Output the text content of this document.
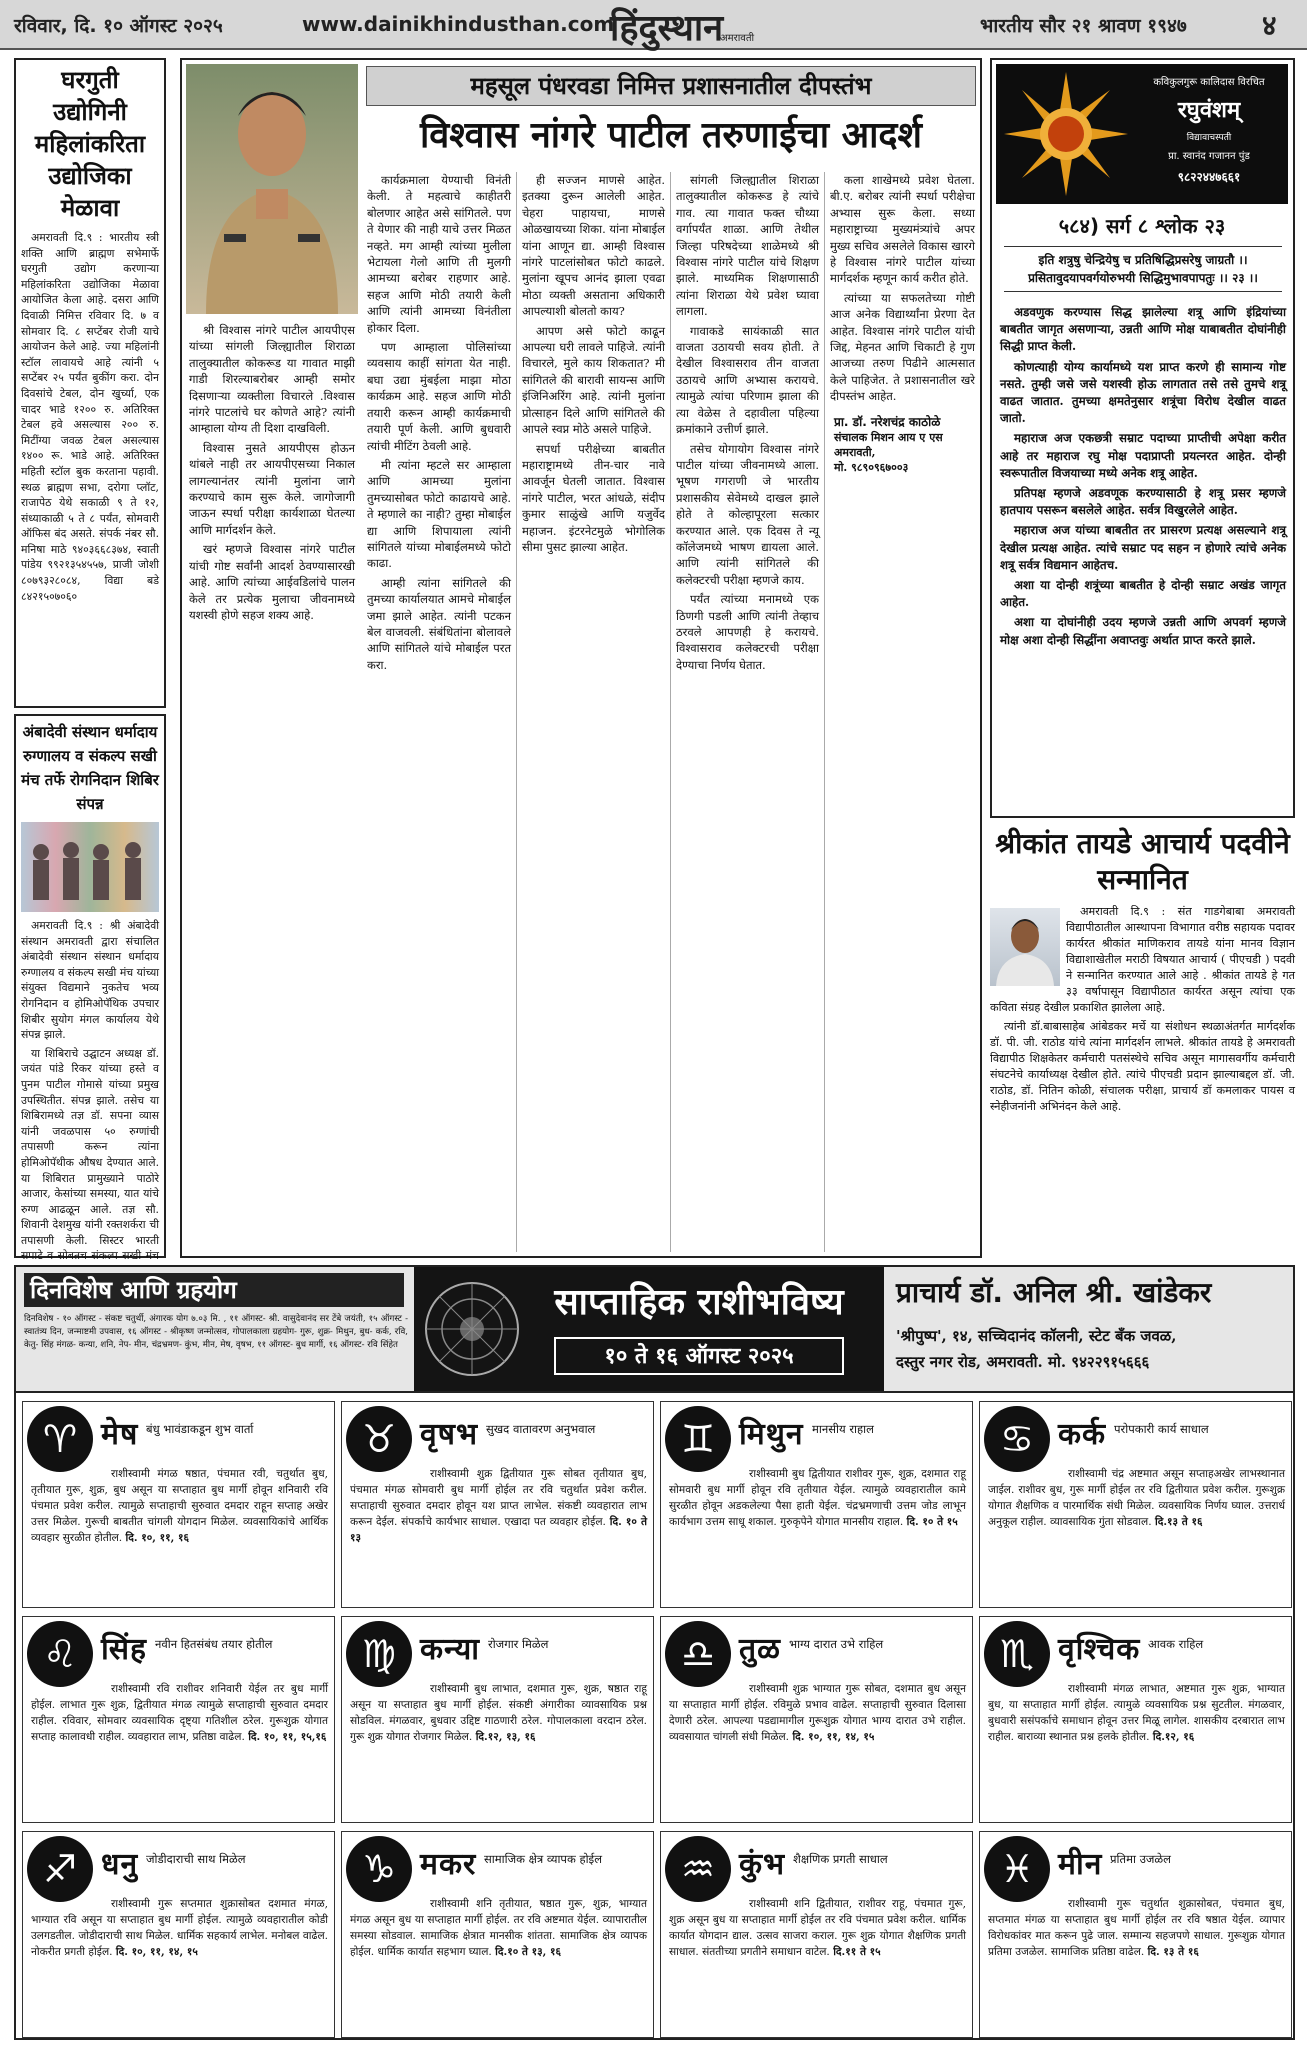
रविवार, दि. १० ऑगस्ट २०२५	www.dainikhindusthan.com
हिंदुस्थान
अमरावती
भारतीय सौर २१ श्रावण १९४७	४
घरगुती उद्योगिनी महिलांकरिता उद्योजिका मेळावा

अमरावती दि.९ : भारतीय स्त्री शक्ति आणि ब्राह्मण सभेमार्फे घरगुती उद्योग करणाऱ्या महिलांकरिता उद्योजिका मेळावा आयोजित केला आहे. दसरा आणि दिवाळी निमित्त रविवार दि. ७ व सोमवार दि. ८ सप्टेंबर रोजी याचे आयोजन केले आहे. ज्या महिलांनी स्टॉल लावायचे आहे त्यांनी ५ सप्टेंबर २५ पर्यंत बुकींग करा. दोन दिवसांचे टेबल, दोन खुर्च्या, एक चादर भाडे १२०० रु. अतिरिक्त टेबल हवे असल्यास २०० रु. मिटींग्या जवळ टेबल असल्यास १४०० रू. भाडे आहे. अतिरिक्त महिती स्टॉल बुक करताना पहावी. स्थळ ब्राह्मण सभा, दरोगा प्लॉट, राजापेठ येथे सकाळी ९ ते १२, संध्याकाळी ५ ते ८ पर्यंत, सोमवारी ऑफिस बंद असते. संपर्क नंबर सौ. मनिषा माठे ९४०३६६८३७४, स्वाती पांडेय ९९२१३५४५५७, प्राजी जोशी ८०७९३२८०८४, विद्या बडे ८४२१५०७०६०

अंबादेवी संस्थान धर्मादाय रुग्णालय व संकल्प सखी मंच तर्फे रोगनिदान शिबिर संपन्न

अमरावती दि.९ : श्री अंबादेवी संस्थान अमरावती द्वारा संचालित अंबादेवी संस्थान संस्थान धर्मादाय रुग्णालय व संकल्प सखी मंच यांच्या संयुक्त विद्यमाने नुकतेच भव्य रोगनिदान व होमिओपॅथिक उपचार शिबीर सुयोग मंगल कार्यालय येथे संपन्न झाले.

या शिबिराचे उद्घाटन अध्यक्ष डॉ. जयंत पांडे रिकर यांच्या हस्ते व पुनम पाटील गोमासे यांच्या प्रमुख उपस्थितीत. संपन्न झाले. तसेच या शिबिरामध्ये तज्ञ डॉ. सपना व्यास यांनी जवळपास ५० रुग्णांची तपासणी करून त्यांना होमिओपॅथीक औषध देण्यात आले. या शिबिरात प्रामुख्याने पाठोरे आजार, केसांच्या समस्या, यात यांचे रुग्ण आढळून आले. तज्ञ सौ. शिवानी देशमुख यांनी रक्तशर्करा ची तपासणी केली. सिस्टर भारती सपाटे व सोबतच संकल्प सखी मंच

महसूल पंधरवडा निमित्त प्रशासनातील दीपस्तंभ
विश्वास नांगरे पाटील तरुणाईचा आदर्श

श्री विश्वास नांगरे पाटील आयपीएस यांच्या सांगली जिल्ह्यातील शिराळा तालुक्यातील कोकरूड या गावात माझी गाडी शिरल्याबरोबर आम्ही समोर दिसणाऱ्या व्यक्तीला विचारले .विश्वास नांगरे पाटलांचे घर कोणते आहे? त्यांनी आम्हाला योग्य ती दिशा दाखविली.

विश्वास नुसते आयपीएस होऊन थांबले नाही तर आयपीएसच्या निकाल लागल्यानंतर त्यांनी मुलांना जागे करण्याचे काम सुरू केले. जागोजागी जाऊन स्पर्धा परीक्षा कार्यशाळा घेतल्या आणि मार्गदर्शन केले.

खरं म्हणजे विश्वास नांगरे पाटील यांची गोष्ट सर्वांनी आदर्श ठेवण्यासारखी आहे. आणि त्यांच्या आईवडिलांचे पालन केले तर प्रत्येक मुलाचा जीवनामध्ये यशस्वी होणे सहज शक्य आहे.

कार्यक्रमाला येण्याची विनंती केली. ते महत्वाचे काहीतरी बोलणार आहेत असे सांगितले. पण ते येणार की नाही याचे उत्तर मिळत नव्हते. मग आम्ही त्यांच्या मुलीला भेटायला गेलो आणि ती मुलगी आमच्या बरोबर राहणार आहे. सहज आणि मोठी तयारी केली आणि त्यांनी आमच्या विनंतीला होकार दिला.

पण आम्हाला पोलिसांच्या व्यवसाय काहीं सांगता येत नाही. बघा उद्या मुंबईला माझा मोठा कार्यक्रम आहे. सहज आणि मोठी तयारी करून आम्ही कार्यक्रमाची तयारी पूर्ण केली. आणि बुधवारी त्यांची मीटिंग ठेवली आहे.

मी त्यांना म्हटले सर आम्हाला आणि आमच्या मुलांना तुमच्यासोबत फोटो काढायचे आहे. ते म्हणाले का नाही? तुम्हा मोबाईल द्या आणि शिपायाला त्यांनी सांगितले यांच्या मोबाईलमध्ये फोटो काढा.

आम्ही त्यांना सांगितले की तुमच्या कार्यालयात आमचे मोबाईल जमा झाले आहेत. त्यांनी पटकन बेल वाजवली. संबंधितांना बोलावले आणि सांगितले यांचे मोबाईल परत करा.

ही सज्जन माणसे आहेत. इतक्या दुरून आलेली आहेत. चेहरा पाहायचा, माणसे ओळखायच्या शिका. यांना मोबाईल यांना आणून द्या. आम्ही विश्वास नांगरे पाटलांसोबत फोटो काढले. मुलांना खूपच आनंद झाला एवढा मोठा व्यक्ती असताना अधिकारी आपल्याशी बोलतो काय?

आपण असे फोटो काढून आपल्या घरी लावले पाहिजे. त्यांनी विचारले, मुले काय शिकतात? मी सांगितले की बारावी सायन्स आणि इंजिनिअरिंग आहे. त्यांनी मुलांना प्रोत्साहन दिले आणि सांगितले की आपले स्वप्न मोठे असले पाहिजे.

सपर्धा परीक्षेच्या बाबतीत महाराष्ट्रामध्ये तीन-चार नावे आवर्जून घेतली जातात. विश्वास नांगरे पाटील, भरत आंधळे, संदीप कुमार साळुंखे आणि यजुर्वेद महाजन. इंटरनेटमुळे भोगोलिक सीमा पुसट झाल्या आहेत.

सांगली जिल्ह्यातील शिराळा तालुक्यातील कोकरूड हे त्यांचे गाव. त्या गावात फक्त चौथ्या वर्गापर्यंत शाळा. आणि तेथील जिल्हा परिषदेच्या शाळेमध्ये श्री विश्वास नांगरे पाटील यांचे शिक्षण झाले. माध्यमिक शिक्षणासाठी त्यांना शिराळा येथे प्रवेश घ्यावा लागला.

गावाकडे सायंकाळी सात वाजता उठायची सवय होती. ते देखील विश्वासराव तीन वाजता उठायचे आणि अभ्यास करायचे. त्यामुळे त्यांचा परिणाम झाला की त्या वेळेस ते दहावीला पहिल्या क्रमांकाने उत्तीर्ण झाले.

तसेच योगायोग विश्वास नांगरे पाटील यांच्या जीवनामध्ये आला. भूषण गगराणी जे भारतीय प्रशासकीय सेवेमध्ये दाखल झाले होते ते कोल्हापूरला सत्कार करण्यात आले. एक दिवस ते न्यू कॉलेजमध्ये भाषण द्यायला आले. आणि त्यांनी सांगितले की कलेक्टरची परीक्षा म्हणजे काय.

पर्यंत त्यांच्या मनामध्ये एक ठिणगी पडली आणि त्यांनी तेव्हाच ठरवले आपणही हे करायचे. विश्वासराव कलेक्टरची परीक्षा देण्याचा निर्णय घेतात.

कला शाखेमध्ये प्रवेश घेतला. बी.ए. बरोबर त्यांनी स्पर्धा परीक्षेचा अभ्यास सुरू केला. सध्या महाराष्ट्राच्या मुख्यमंत्र्यांचे अपर मुख्य सचिव असलेले विकास खारगे हे विश्वास नांगरे पाटील यांच्या मार्गदर्शक म्हणून कार्य करीत होते.

त्यांच्या या सफलतेच्या गोष्टी आज अनेक विद्यार्थ्यांना प्रेरणा देत आहेत. विश्वास नांगरे पाटील यांची जिद्द, मेहनत आणि चिकाटी हे गुण आजच्या तरुण पिढीने आत्मसात केले पाहिजेत. ते प्रशासनातील खरे दीपस्तंभ आहेत.

प्रा. डॉ. नरेशचंद्र काठोळे
संचालक मिशन आय ए एस
अमरावती,
मो. ९८९०९६७००३
कविकुलगुरू कालिदास विरचित
रघुवंशम्
विद्यावाचस्पती
प्रा. स्वानंद गजानन पुंड
९८२२४४७६६१
५८४) सर्ग ८ श्लोक २३
इति शत्रुषु चेन्द्रियेषु च प्रतिषिद्धिप्रसरेषु जाग्रतौ ।। प्रसितावुदयापवर्गयोरुभयी सिद्धिमुभावपापतुः ।। २३ ।।

अडवणुक करण्यास सिद्ध झालेल्या शत्रू आणि इंद्रियांच्या बाबतीत जागृत असणाऱ्या, उन्नती आणि मोक्ष याबाबतीत दोघांनीही सिद्धी प्राप्त केली.

कोणत्याही योग्य कार्यामध्ये यश प्राप्त करणे ही सामान्य गोष्ट नसते. तुम्ही जसे जसे यशस्वी होऊ लागतात तसे तसे तुमचे शत्रू वाढत जातात. तुमच्या क्षमतेनुसार शत्रूंचा विरोध देखील वाढत जातो.

महाराज अज एकछत्री सम्राट पदाच्या प्राप्तीची अपेक्षा करीत आहे तर महाराज रघु मोक्ष पदाप्राप्ती प्रयत्नरत आहेत. दोन्ही स्वरूपातील विजयाच्या मध्ये अनेक शत्रू आहेत.

प्रतिपक्ष म्हणजे अडवणूक करण्यासाठी हे शत्रू प्रसर म्हणजे हातपाय पसरून बसलेले आहेत. सर्वत्र विखुरलेले आहेत.

महाराज अज यांच्या बाबतीत तर प्रासरण प्रत्यक्ष असल्याने शत्रू देखील प्रत्यक्ष आहेत. त्यांचे सम्राट पद सहन न होणारे त्यांचे अनेक शत्रू सर्वत्र विद्यमान आहेतच.

अशा या दोन्ही शत्रूंच्या बाबतीत हे दोन्ही सम्राट अखंड जागृत आहेत.

अशा या दोघांनीही उदय म्हणजे उन्नती आणि अपवर्ग म्हणजे मोक्ष अशा दोन्ही सिद्धींना अवाप्तवुः अर्थात प्राप्त करते झाले.

श्रीकांत तायडे आचार्य पदवीने सन्मानित

अमरावती दि.९ : संत गाडगेबाबा अमरावती विद्यापीठातील आस्थापना विभागात वरीष्ठ सहायक पदावर कार्यरत श्रीकांत माणिकराव तायडे यांना मानव विज्ञान विद्याशाखेतील मराठी विषयात आचार्य ( पीएचडी ) पदवी ने सन्मानित करण्यात आले आहे . श्रीकांत तायडे हे गत ३३ वर्षापासून विद्यापीठात कार्यरत असून त्यांचा एक कविता संग्रह देखील प्रकाशित झालेला आहे.

त्यांनी डॉ.बाबासाहेब आंबेडकर मर्चे या संशोधन स्थळाअंतर्गत मार्गदर्शक डॉ. पी. जी. राठोड यांचे त्यांना मार्गदर्शन लाभले. श्रीकांत तायडे हे अमरावती विद्यापीठ शिक्षकेतर कर्मचारी पतसंस्थेचे सचिव असून मागासवर्गीय कर्मचारी संघटनेचे कार्याध्यक्ष देखील होते. त्यांचे पीएचडी प्रदान झाल्याबद्दल डॉ. जी. राठोड, डॉ. नितिन कोळी, संचालक परीक्षा, प्राचार्य डॉ कमलाकर पायस व स्नेहीजनांनी अभिनंदन केले आहे.

दिनविशेष आणि ग्रहयोग
दिनविशेष - १० ऑगस्ट - संकष्ट चतुर्थी, अंगारक योग ७.०३ मि. , ११ ऑगस्ट- श्री. वासुदेवानंद सर टेंबे जयंती, १५ ऑगस्ट - स्वातंत्र्य दिन, जन्माष्टमी उपवास, १६ ऑगस्ट - श्रीकृष्ण जन्मोत्सव, गोपालकाला ग्रहयोग- गुरू, शुक्र- मिथुन, बुध- कर्क, रवि, केतु- सिंह मंगळ- कन्या, शनि, नेप- मीन, चंद्रभ्रमण- कुंभ, मीन, मेष, वृषभ, ११ ऑगस्ट- बुध मार्गी, १६ ऑगस्ट- रवि सिंहेत
साप्ताहिक राशीभविष्य
१० ते १६ ऑगस्ट २०२५
प्राचार्य डॉ. अनिल श्री. खांडेकर
'श्रीपुष्प', १४, सच्चिदानंद कॉलनी, स्टेट बँक जवळ,
दस्तुर नगर रोड, अमरावती. मो. ९४२२९१५६६६
♈ मेष बंधु भावंडाकडून शुभ वार्ता
राशीस्वामी मंगळ षष्ठात, पंचमात रवी, चतुर्थात बुध, तृतीयात गुरू, शुक्र, बुध असून या सप्ताहात बुध मार्गी होवून शनिवारी रवि पंचमात प्रवेश करील. त्यामुळे सप्ताहाची सुरुवात दमदार राहून सप्ताह अखेर उत्तर मिळेल. गुरूची बाबतीत चांगली योगदान मिळेल. व्यवसायिकांचे आर्थिक व्यवहार सुरळीत होतील. दि. १०, ११, १६
♉ वृषभ सुखद वातावरण अनुभवाल
राशीस्वामी शुक्र द्वितीयात गुरू सोबत तृतीयात बुध, पंचमात मंगळ सोमवारी बुध मार्गी होईल तर रवि चतुर्थात प्रवेश करील. सप्ताहाची सुरुवात दमदार होवून यश प्राप्त लाभेल. संकष्टी व्यवहारात लाभ करून देईल. संपर्काचे कार्यभार साधाल. एखादा पत व्यवहार होईल. दि. १० ते १३
♊ मिथुन मानसीय राहाल
राशीस्वामी बुध द्वितीयात राशीवर गुरू, शुक्र, दशमात राहू सोमवारी बुध मार्गी होवून रवि तृतीयात येईल. त्यामुळे व्यवहारातील कामे सुरळीत होवून अडकलेल्या पैसा हाती येईल. चंद्रभ्रमणाची उत्तम जोड लाभून कार्यभाग उत्तम साधू शकाल. गुरुकृपेने योगात मानसीय राहाल. दि. १० ते १५
♋ कर्क परोपकारी कार्य साधाल
राशीस्वामी चंद्र अष्टमात असून सप्ताहअखेर लाभस्थानात जाईल. राशीवर बुध, गुरू मार्गी होईल तर रवि द्वितीयात प्रवेश करील. गुरूशुक्र योगात शैक्षणिक व पारमार्थिक संधी मिळेल. व्यवसायिक निर्णय घ्याल. उत्तरार्ध अनुकूल राहील. व्यावसायिक गुंता सोडवाल. दि.१३ ते १६
♌ सिंह नवीन हितसंबंध तयार होतील
राशीस्वामी रवि राशीवर शनिवारी येईल तर बुध मार्गी होईल. लाभात गुरू शुक्र, द्वितीयात मंगळ त्यामुळे सप्ताहाची सुरुवात दमदार राहील. रविवार, सोमवार व्यवसायिक दृष्ट्या गतिशील ठरेल. गुरूशुक्र योगात सप्ताह कालावधी राहील. व्यवहारात लाभ, प्रतिष्ठा वाढेल. दि. १०, ११, १५,१६
♍ कन्या रोजगार मिळेल
राशीस्वामी बुध लाभात, दशमात गुरू, शुक्र, षष्ठात राहू असून या सप्ताहात बुध मार्गी होईल. संकष्टी अंगारीका व्यावसायिक प्रश्न सोडविल. मंगळवार, बुधवार उद्दिष्ट गाठणारी ठरेल. गोपालकाला वरदान ठरेल. गुरू शुक्र योगात रोजगार मिळेल. दि.१२, १३, १६
♎ तुळ भाग्य दारात उभे राहिल
राशीस्वामी शुक्र भाग्यात गुरू सोबत, दशमात बुध असून या सप्ताहात मार्गी होईल. रविमुळे प्रभाव वाढेल. सप्ताहाची सुरुवात दिलासा देणारी ठरेल. आपल्या पडद्यामागील गुरूशुक्र योगात भाग्य दारात उभे राहील. व्यवसायात चांगली संधी मिळेल. दि. १०, ११, १४, १५
♏ वृश्चिक आवक राहिल
राशीस्वामी मंगळ लाभात, अष्टमात गुरू शुक्र, भाग्यात बुध, या सप्ताहात मार्गी होईल. त्यामुळे व्यवसायिक प्रश्न सुटतील. मंगळवार, बुधवारी ससंपर्काचे समाधान होवून उत्तर मिळू लागेल. शासकीय दरबारात लाभ राहील. बाराव्या स्थानात प्रश्न हलके होतील. दि.१२, १६
♐ धनु जोडीदाराची साथ मिळेल
राशीस्वामी गुरू सप्तमात शुक्रासोबत दशमात मंगळ, भाग्यात रवि असून या सप्ताहात बुध मार्गी होईल. त्यामुळे व्यवहारातील कोडी उलगडतील. जोडीदाराची साथ मिळेल. धार्मिक सहकार्य लाभेल. मनोबल वाढेल. नोकरीत प्रगती होईल. दि. १०, ११, १४, १५
♑ मकर सामाजिक क्षेत्र व्यापक होईल
राशीस्वामी शनि तृतीयात, षष्ठात गुरू, शुक्र, भाग्यात मंगळ असून बुध या सप्ताहात मार्गी होईल. तर रवि अष्टमात येईल. व्यापारातील समस्या सोडवाल. सामाजिक क्षेत्रात मानसीक शांतता. सामाजिक क्षेत्र व्यापक होईल. धार्मिक कार्यात सहभाग घ्याल. दि.१० ते १३, १६
♒ कुंभ शैक्षणिक प्रगती साधाल
राशीस्वामी शनि द्वितीयात, राशीवर राहू, पंचमात गुरू, शुक्र असून बुध या सप्ताहात मार्गी होईल तर रवि पंचमात प्रवेश करील. धार्मिक कार्यात योगदान द्याल. उत्सव साजरा कराल. गुरू शुक्र योगात शैक्षणिक प्रगती साधाल. संततीच्या प्रगतीने समाधान वाटेल. दि.११ ते १५
♓ मीन प्रतिमा उजळेल
राशीस्वामी गुरू चतुर्थात शुक्रासोबत, पंचमात बुध, सप्तमात मंगळ या सप्ताहात बुध मार्गी होईल तर रवि षष्ठात येईल. व्यापार विरोधकांवर मात करून पुढे जाल. सम्मान्य सहजपणे साधाल. गुरूशुक्र योगात प्रतिमा उजळेल. सामाजिक प्रतिष्ठा वाढेल. दि. १३ ते १६
